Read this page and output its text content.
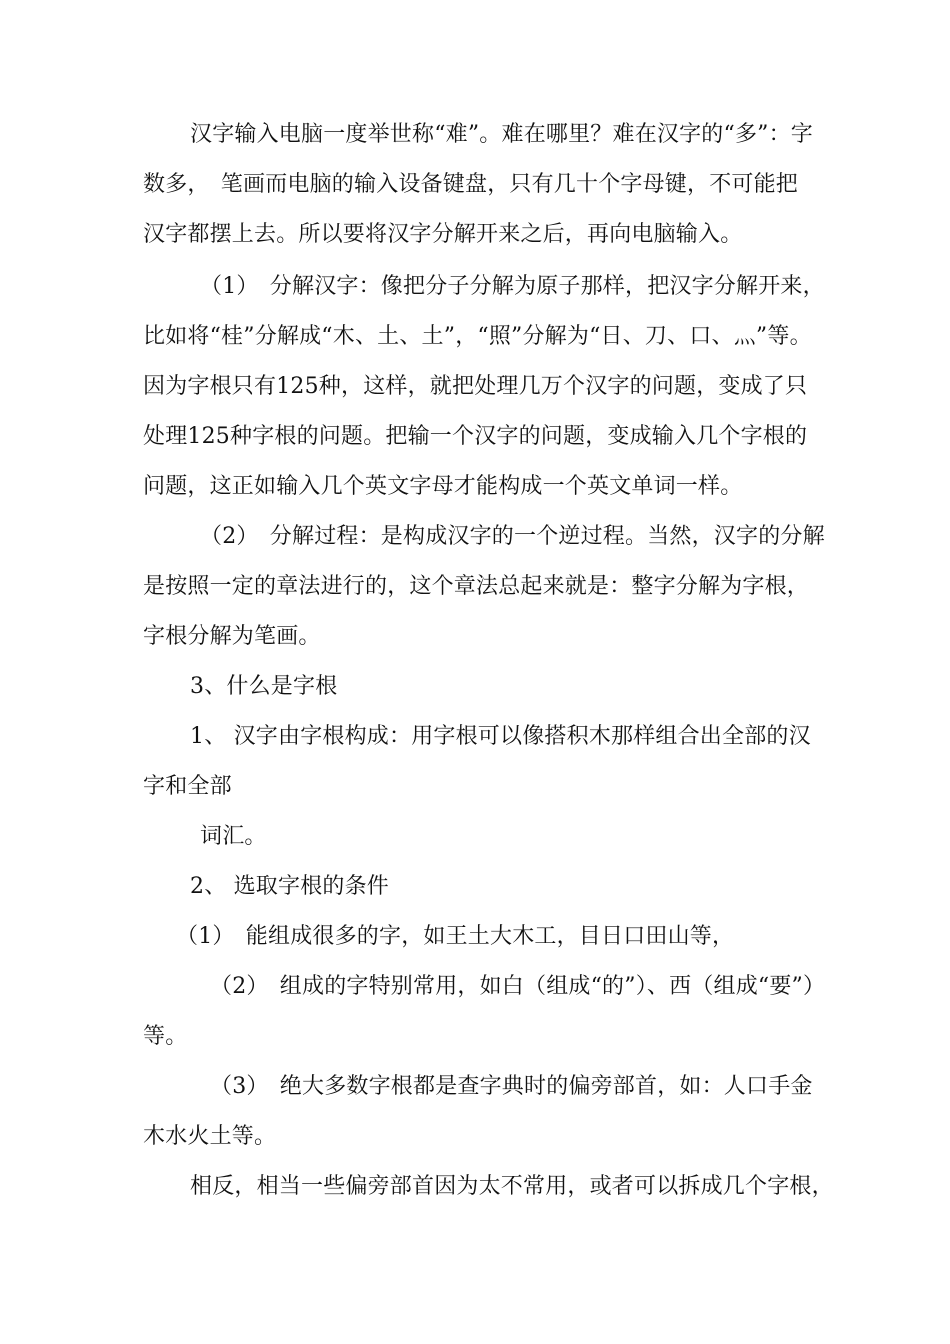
汉字输入电脑一度举世称“难”。难在哪里？难在汉字的“多”：字
数多，　笔画而电脑的输入设备键盘，只有几十个字母键，不可能把
汉字都摆上去。所以要将汉字分解开来之后，再向电脑输入。
（1）　分解汉字：像把分子分解为原子那样，把汉字分解开来，
比如将“桂”分解成“木、土、土”，“照”分解为“日、刀、口、灬”等。
因为字根只有125种，这样，就把处理几万个汉字的问题，变成了只
处理125种字根的问题。把输一个汉字的问题，变成输入几个字根的
问题，这正如输入几个英文字母才能构成一个英文单词一样。
（2）　分解过程：是构成汉字的一个逆过程。当然，汉字的分解
是按照一定的章法进行的，这个章法总起来就是：整字分解为字根，
字根分解为笔画。
3、什么是字根
1、 汉字由字根构成：用字根可以像搭积木那样组合出全部的汉
字和全部
词汇。
2、 选取字根的条件
（1）　能组成很多的字，如王土大木工，目日口田山等，
（2）　组成的字特别常用，如白（组成“的”）、西（组成“要”）
等。
（3）　绝大多数字根都是查字典时的偏旁部首，如：人口手金
木水火土等。
相反，相当一些偏旁部首因为太不常用，或者可以拆成几个字根，
